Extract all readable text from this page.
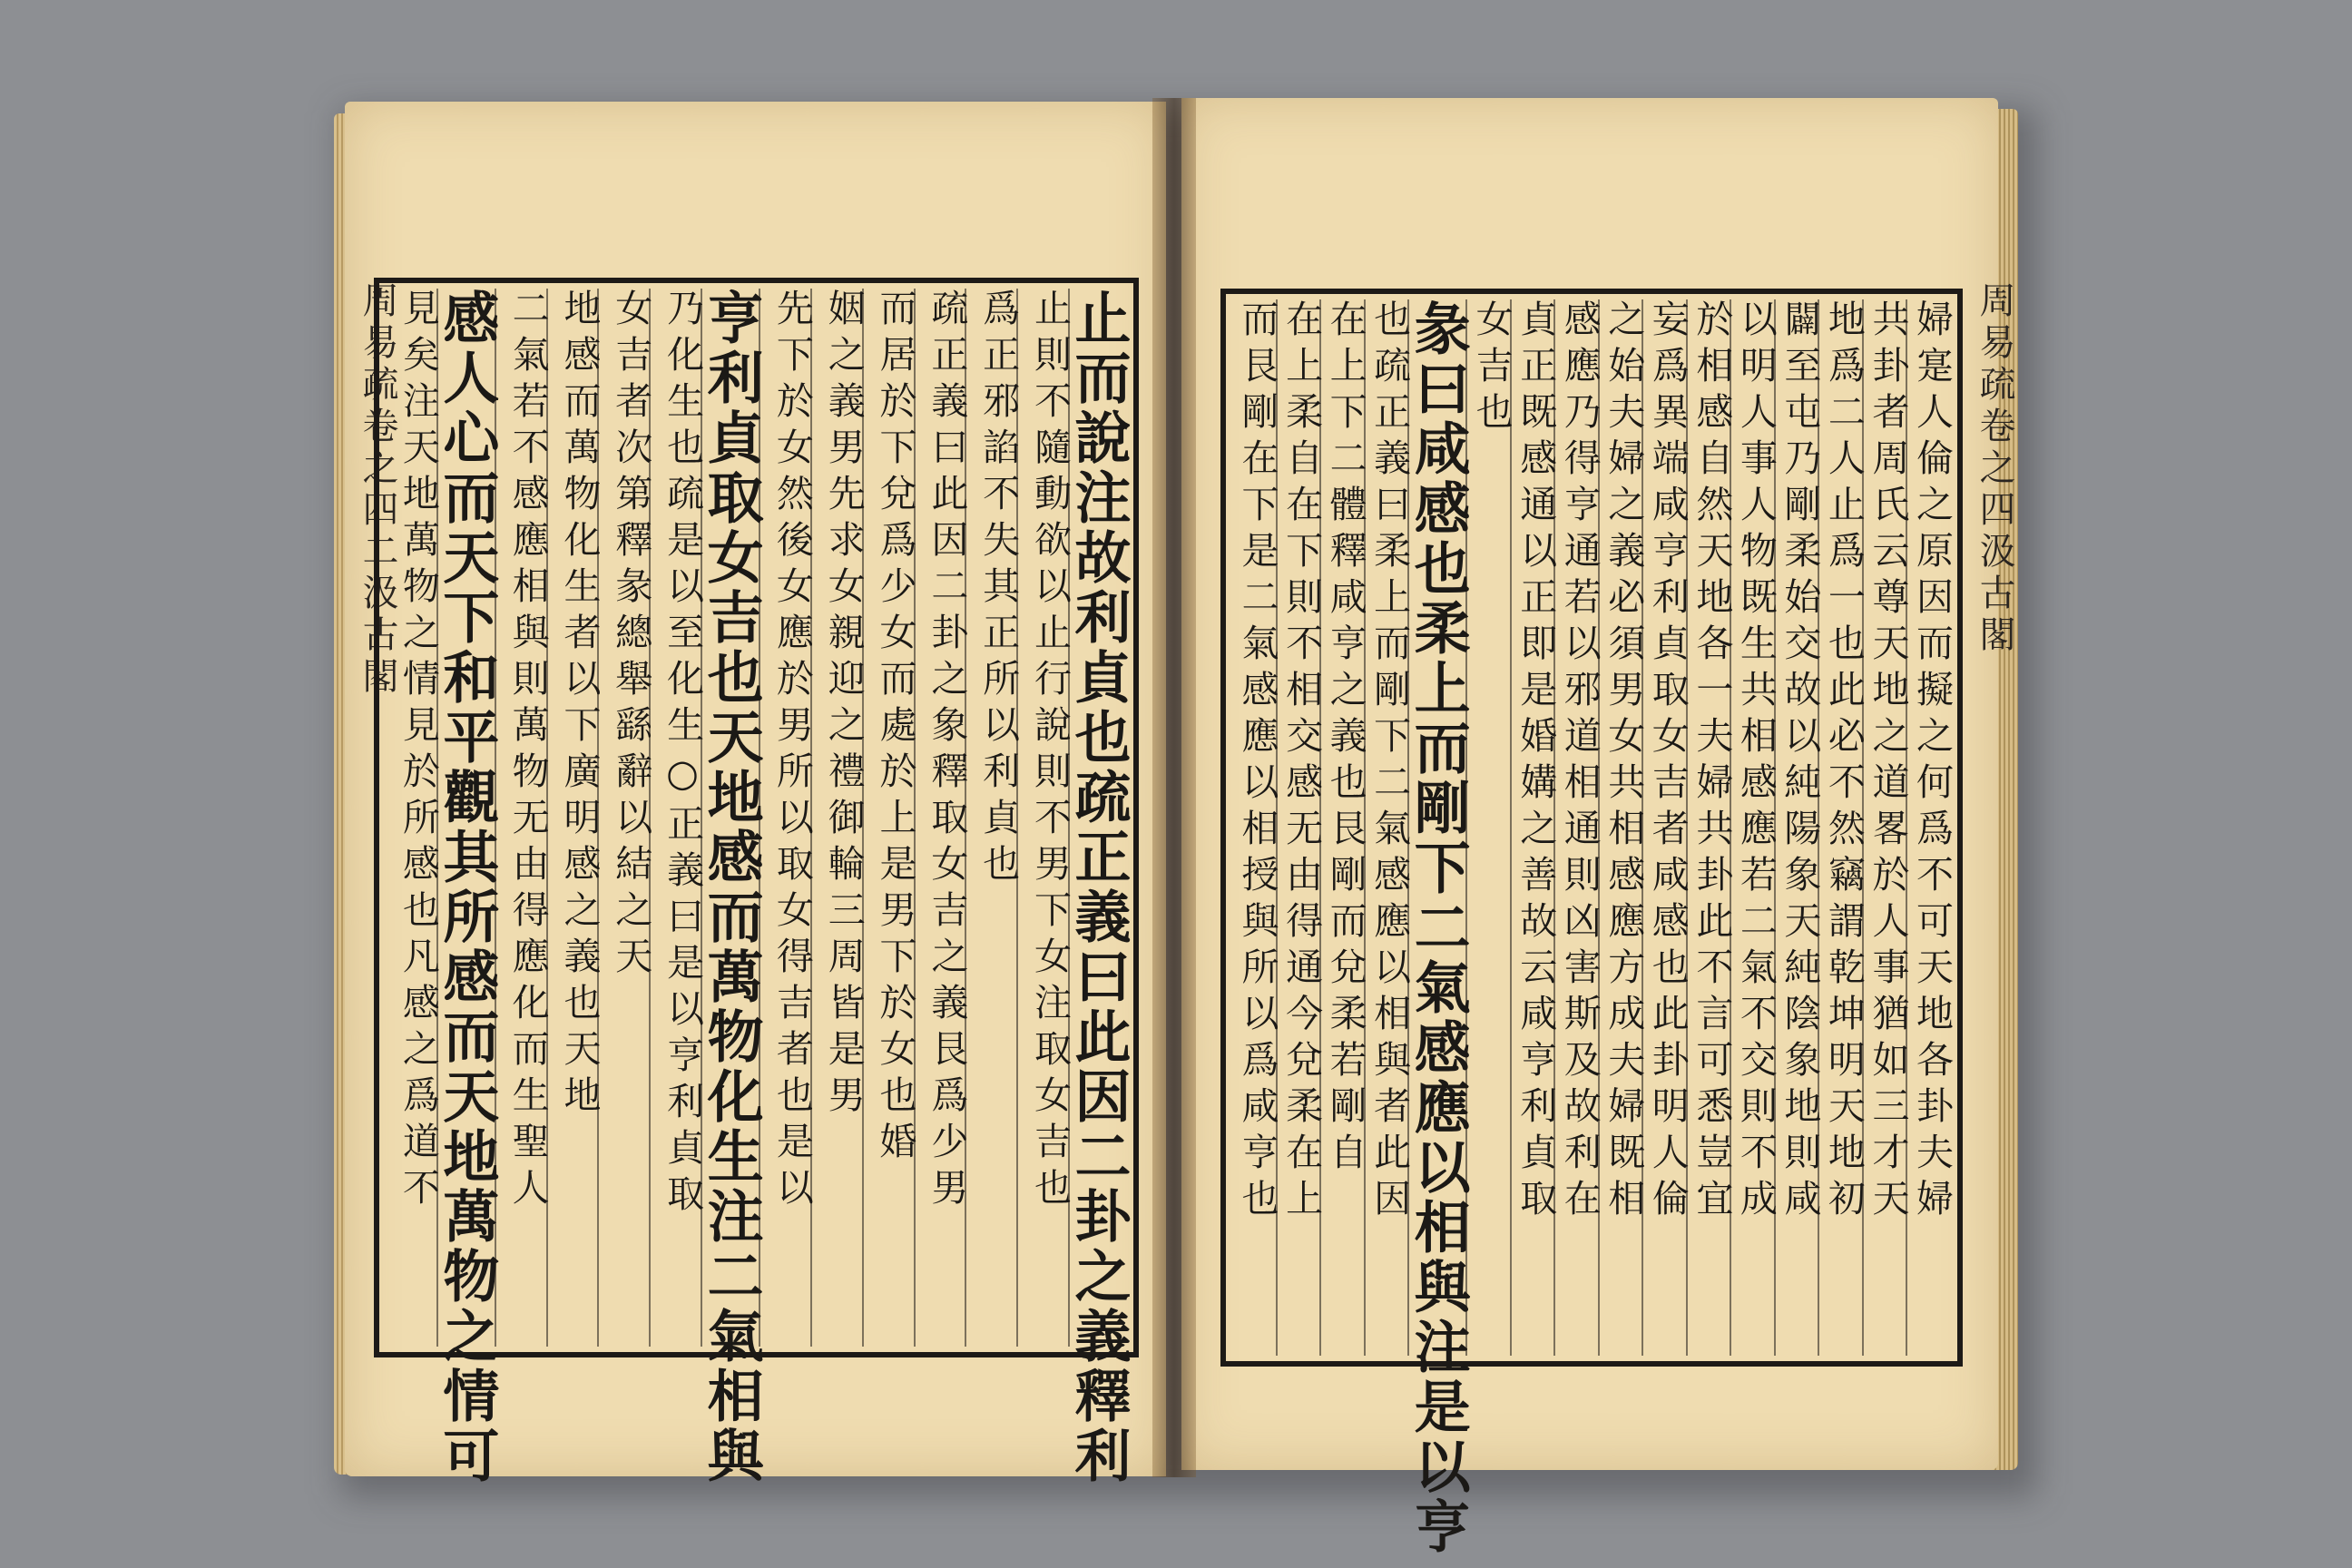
周易疏卷之四二汲古閣	周易疏卷之四汲古閣
止而說注故利貞也疏正義曰此因二卦之義釋利
止則不隨動欲以止行說則不男下女注取女吉也
爲正邪諂不失其正所以利貞也
疏正義曰此因二卦之象釋取女吉之義艮爲少男
而居於下兌爲少女而處於上是男下於女也婚
姻之義男先求女親迎之禮御輪三周皆是男
先下於女然後女應於男所以取女得吉者也是以
亨利貞取女吉也天地感而萬物化生注二氣相與
乃化生也疏是以至化生○正義曰是以亨利貞取
女吉者次第釋彖總舉繇辭以結之天
地感而萬物化生者以下廣明感之義也天地
二氣若不感應相與則萬物无由得應化而生聖人
感人心而天下和平觀其所感而天地萬物之情可
見矣注天地萬物之情見於所感也凡感之爲道不	婦寔人倫之原因而擬之何爲不可天地各卦夫婦
共卦者周氏云尊天地之道畧於人事猶如三才天
地爲二人止爲一也此必不然竊謂乾坤明天地初
闢至屯乃剛柔始交故以純陽象天純陰象地則咸
以明人事人物既生共相感應若二氣不交則不成
於相感自然天地各一夫婦共卦此不言可悉豈宜
妄爲異端咸亨利貞取女吉者咸感也此卦明人倫
之始夫婦之義必須男女共相感應方成夫婦既相
感應乃得亨通若以邪道相通則凶害斯及故利在
貞正既感通以正即是婚媾之善故云咸亨利貞取
女吉也
彖曰咸感也柔上而剛下二氣感應以相與注是以亨
也疏正義曰柔上而剛下二氣感應以相與者此因
在上下二體釋咸亨之義也艮剛而兌柔若剛自
在上柔自在下則不相交感无由得通今兌柔在上
而艮剛在下是二氣感應以相授與所以爲咸亨也
